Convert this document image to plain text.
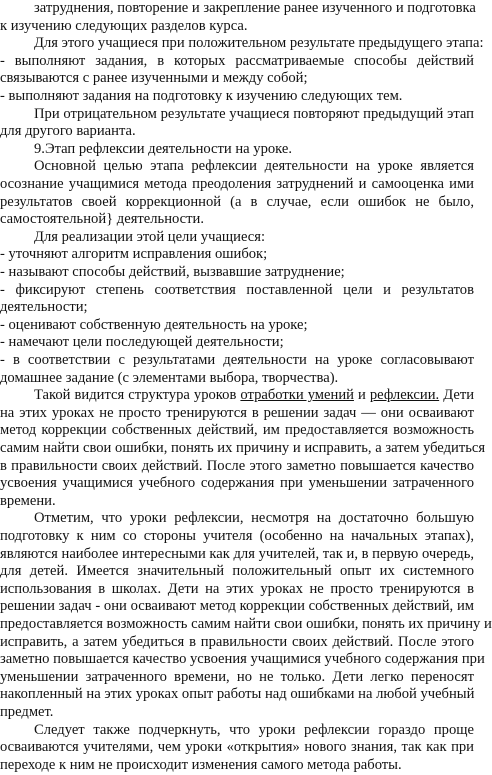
затруднения, повторение и закрепление ранее изученного и подготовка
к изучению следующих разделов курса.
Для этого учащиеся при положительном результате предыдущего этапа:
- выполняют задания, в которых рассматриваемые способы действий
связываются с ранее изученными и между собой;
- выполняют задания на подготовку к изучению следующих тем.
При отрицательном результате учащиеся повторяют предыдущий этап
для другого варианта.
9.Этап рефлексии деятельности на уроке.
Основной целью этапа рефлексии деятельности на уроке является
осознание учащимися метода преодоления затруднений и самооценка ими
результатов своей коррекционной (а в случае, если ошибок не было,
самостоятельной} деятельности.
Для реализации этой цели учащиеся:
- уточняют алгоритм исправления ошибок;
- называют способы действий, вызвавшие затруднение;
- фиксируют степень соответствия поставленной цели и результатов
деятельности;
- оценивают собственную деятельность на уроке;
- намечают цели последующей деятельности;
- в соответствии с результатами деятельности на уроке согласовывают
домашнее задание (с элементами выбора, творчества).
Такой видится структура уроков отработки умений и рефлексии. Дети
на этих уроках не просто тренируются в решении задач — они осваивают
метод коррекции собственных действий, им предоставляется возможность
самим найти свои ошибки, понять их причину и исправить, а затем убедиться
в правильности своих действий. После этого заметно повышается качество
усвоения учащимися учебного содержания при уменьшении затраченного
времени.
Отметим, что уроки рефлексии, несмотря на достаточно большую
подготовку к ним со стороны учителя (особенно на начальных этапах),
являются наиболее интересными как для учителей, так и, в первую очередь,
для детей. Имеется значительный положительный опыт их системного
использования в школах. Дети на этих уроках не просто тренируются в
решении задач - они осваивают метод коррекции собственных действий, им
предоставляется возможность самим найти свои ошибки, понять их причину и
исправить, а затем убедиться в правильности своих действий. После этого
заметно повышается качество усвоения учащимися учебного содержания при
уменьшении затраченного времени, но не только. Дети легко переносят
накопленный на этих уроках опыт работы над ошибками на любой учебный
предмет.
Следует также подчеркнуть, что уроки рефлексии гораздо проще
осваиваются учителями, чем уроки «открытия» нового знания, так как при
переходе к ним не происходит изменения самого метода работы.
